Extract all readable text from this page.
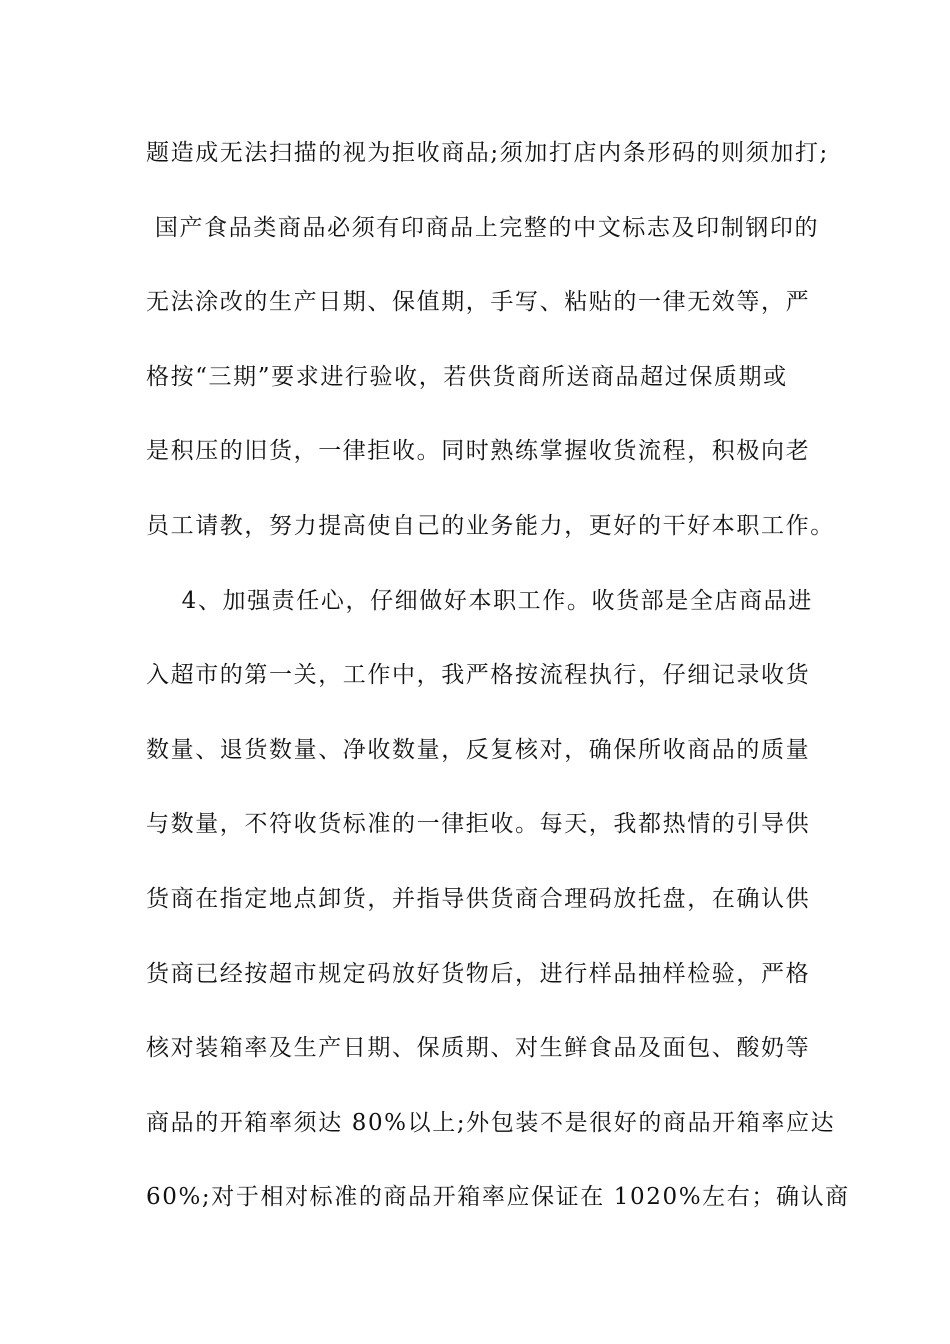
题造成无法扫描的视为拒收商品;须加打店内条形码的则须加打;
国产食品类商品必须有印商品上完整的中文标志及印制钢印的
无法涂改的生产日期、保值期，手写、粘贴的一律无效等，严
格按“三期”要求进行验收，若供货商所送商品超过保质期或
是积压的旧货，一律拒收。同时熟练掌握收货流程，积极向老
员工请教，努力提高使自己的业务能力，更好的干好本职工作。
4、加强责任心，仔细做好本职工作。收货部是全店商品进
入超市的第一关，工作中，我严格按流程执行，仔细记录收货
数量、退货数量、净收数量，反复核对，确保所收商品的质量
与数量，不符收货标准的一律拒收。每天，我都热情的引导供
货商在指定地点卸货，并指导供货商合理码放托盘，在确认供
货商已经按超市规定码放好货物后，进行样品抽样检验，严格
核对装箱率及生产日期、保质期、对生鲜食品及面包、酸奶等
商品的开箱率须达 80%以上;外包装不是很好的商品开箱率应达
60%;对于相对标准的商品开箱率应保证在 1020%左右；确认商
